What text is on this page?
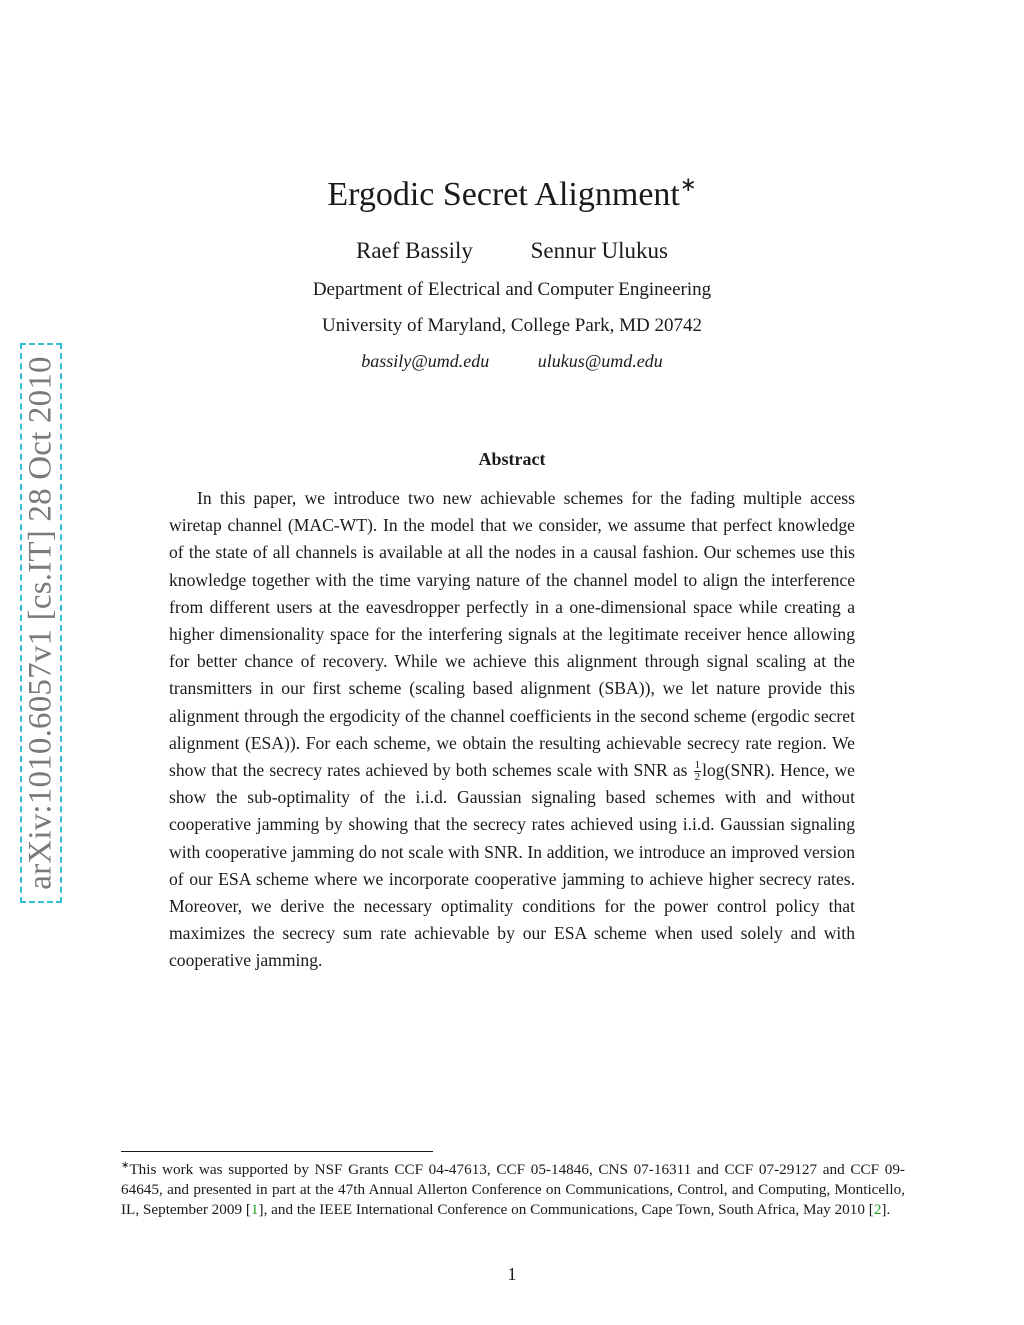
arXiv:1010.6057v1 [cs.IT] 28 Oct 2010
Ergodic Secret Alignment∗
Raef Bassily	Sennur Ulukus
Department of Electrical and Computer Engineering
University of Maryland, College Park, MD 20742
bassily@umd.edu	ulukus@umd.edu
Abstract
In this paper, we introduce two new achievable schemes for the fading multiple access wiretap channel (MAC-WT). In the model that we consider, we assume that perfect knowledge of the state of all channels is available at all the nodes in a causal fashion. Our schemes use this knowledge together with the time varying nature of the channel model to align the interference from different users at the eavesdropper perfectly in a one-dimensional space while creating a higher dimensionality space for the interfering signals at the legitimate receiver hence allowing for better chance of recovery. While we achieve this alignment through signal scaling at the transmitters in our first scheme (scaling based alignment (SBA)), we let nature provide this alignment through the ergodicity of the channel coefficients in the second scheme (ergodic secret alignment (ESA)). For each scheme, we obtain the resulting achievable secrecy rate region. We show that the secrecy rates achieved by both schemes scale with SNR as $\frac{1}{2} \log(SNR)$. Hence, we show the sub-optimality of the i.i.d. Gaussian signaling based schemes with and without cooperative jamming by showing that the secrecy rates achieved using i.i.d. Gaussian signaling with cooperative jamming do not scale with SNR. In addition, we introduce an improved version of our ESA scheme where we incorporate cooperative jamming to achieve higher secrecy rates. Moreover, we derive the necessary optimality conditions for the power control policy that maximizes the secrecy sum rate achievable by our ESA scheme when used solely and with cooperative jamming.
∗This work was supported by NSF Grants CCF 04-47613, CCF 05-14846, CNS 07-16311 and CCF 07-29127 and CCF 09-64645, and presented in part at the 47th Annual Allerton Conference on Communications, Control, and Computing, Monticello, IL, September 2009 [1], and the IEEE International Conference on Communications, Cape Town, South Africa, May 2010 [2].
1
